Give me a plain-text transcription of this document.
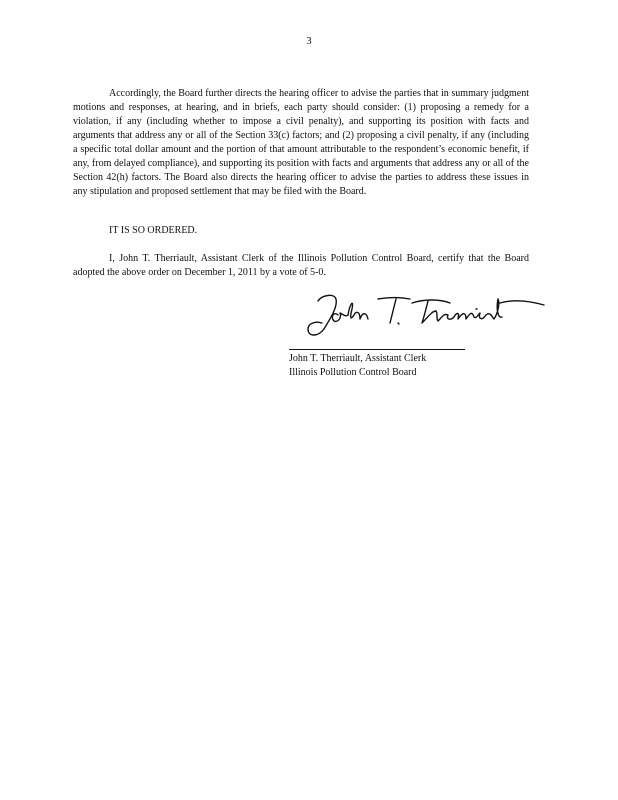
3

Accordingly, the Board further directs the hearing officer to advise the parties that in summary judgment motions and responses, at hearing, and in briefs, each party should consider: (1) proposing a remedy for a violation, if any (including whether to impose a civil penalty), and supporting its position with facts and arguments that address any or all of the Section 33(c) factors; and (2) proposing a civil penalty, if any (including a specific total dollar amount and the portion of that amount attributable to the respondent’s economic benefit, if any, from delayed compliance), and supporting its position with facts and arguments that address any or all of the Section 42(h) factors. The Board also directs the hearing officer to advise the parties to address these issues in any stipulation and proposed settlement that may be filed with the Board.

IT IS SO ORDERED.

I, John T. Therriault, Assistant Clerk of the Illinois Pollution Control Board, certify that the Board adopted the above order on December 1, 2011 by a vote of 5-0.

John T. Therriault, Assistant Clerk
Illinois Pollution Control Board
